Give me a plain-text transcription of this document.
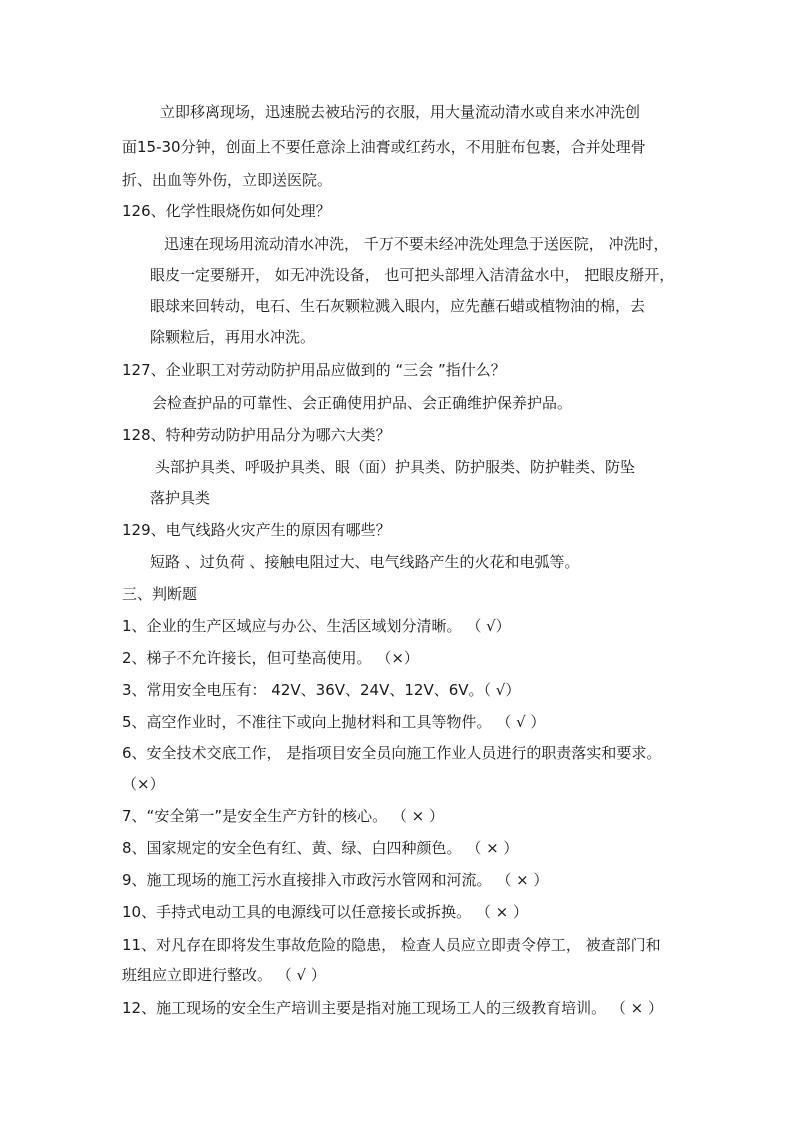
立即移离现场，迅速脱去被玷污的衣服，用大量流动清水或自来水冲洗创
面15-30分钟，创面上不要任意涂上油膏或红药水，不用脏布包裹，合并处理骨
折、出血等外伤，立即送医院。
126、化学性眼烧伤如何处理？
迅速在现场用流动清水冲洗， 千万不要未经冲洗处理急于送医院， 冲洗时，
眼皮一定要掰开， 如无冲洗设备， 也可把头部埋入洁清盆水中， 把眼皮掰开，
眼球来回转动，电石、生石灰颗粒溅入眼内，应先蘸石蜡或植物油的棉，去
除颗粒后，再用水冲洗。
127、企业职工对劳动防护用品应做到的 “三会 ”指什么？
会检查护品的可靠性、会正确使用护品、会正确维护保养护品。
128、特种劳动防护用品分为哪六大类？
头部护具类、呼吸护具类、眼（面）护具类、防护服类、防护鞋类、防坠
落护具类
129、电气线路火灾产生的原因有哪些？
短路 、过负荷 、接触电阻过大、电气线路产生的火花和电弧等。
三、判断题
1、企业的生产区域应与办公、生活区域划分清晰。 （ √）
2、梯子不允许接长，但可垫高使用。 （×）
3、常用安全电压有： 42V、36V、24V、12V、6V。（ √）
5、高空作业时，不准往下或向上抛材料和工具等物件。 （ √ ）
6、安全技术交底工作， 是指项目安全员向施工作业人员进行的职责落实和要求。
（×）
7、“安全第一”是安全生产方针的核心。 （ × ）
8、国家规定的安全色有红、黄、绿、白四种颜色。 （ × ）
9、施工现场的施工污水直接排入市政污水管网和河流。 （ × ）
10、手持式电动工具的电源线可以任意接长或拆换。 （ × ）
11、对凡存在即将发生事故危险的隐患， 检查人员应立即责令停工， 被查部门和
班组应立即进行整改。 （ √ ）
12、施工现场的安全生产培训主要是指对施工现场工人的三级教育培训。 （ × ）
